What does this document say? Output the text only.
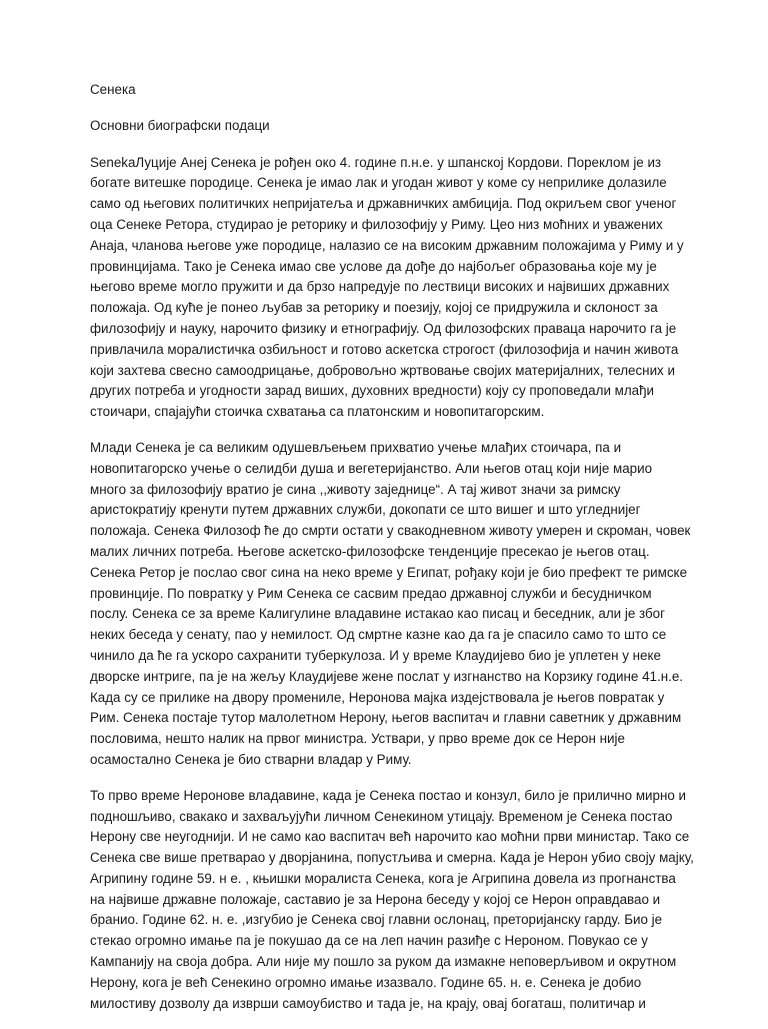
Сенека
Основни биографски подаци
SenekaЛуције Анеј Сенека је рођен око 4. године п.н.е. у шпанској Кордови. Пореклом је из
богате витешке породице. Сенека је имао лак и угодан живот у коме су неприлике долазиле
само од његових политичких непријатеља и државничких амбиција. Под окриљем свог ученог
оца Сенеке Ретора, студирао је реторику и филозофију у Риму. Цео низ моћних и уважених
Анаја, чланова његове уже породице, налазио се на високим државним положајима у Риму и у
провинцијама. Тако је Сенека имао све услове да дође до најбољег образовања које му је
његово време могло пружити и да брзо напредује по лествици високих и највиших државних
положаја. Од куће је понео љубав за реторику и поезију, којој се придружила и склоност за
филозофију и науку, нарочито физику и етнографију. Од филозофских праваца нарочито га је
привлачила моралистичка озбиљност и готово аскетска строгост (филозофија и начин живота
који захтева свесно самоодрицање, добровољно жртвовање својих материјалних, телесних и
других потреба и угодности зарад виших, духовних вредности) коју су проповедали млађи
стоичари, спајајући стоичка схватања са платонским и новопитагорским.
Млади Сенека је са великим одушевљењем прихватио учење млађих стоичара, па и
новопитагорско учење о селидби душа и вегетеријанство. Али његов отац који није марио
много за филозофију вратио је сина ,,животу заједнице“. А тај живот значи за римску
аристократију кренути путем државних служби, докопати се што вишег и што угледнијег
положаја. Сенека Филозоф ће до смрти остати у свакодневном животу умерен и скроман, човек
малих личних потреба. Његове аскетско-филозофске тенденције пресекао је његов отац.
Сенека Ретор је послао свог сина на неко време у Египат, рођаку који је био префект те римске
провинције. По повратку у Рим Сенека се сасвим предао државној служби и бесудничком
послу. Сенека се за време Калигулине владавине истакао као писац и беседник, али је због
неких беседа у сенату, пао у немилост. Од смртне казне као да га је спасило само то што се
чинило да ће га ускоро сахранити туберкулоза. И у време Клаудијево био је уплетен у неке
дворске интриге, па је на жељу Клаудијеве жене послат у изгнанство на Корзику године 41.н.е.
Када су се прилике на двору промениле, Неронова мајка издејствовала је његов повратак у
Рим. Сенека постаје тутор малолетном Нерону, његов васпитач и главни саветник у државним
пословима, нешто налик на првог министра. Уствари, у прво време док се Нерон није
осамостално Сенека је био стварни владар у Риму.
То прво време Неронове владавине, када је Сенека постао и конзул, било је прилично мирно и
подношљиво, свакако и захваљујући личном Сенекином утицају. Временом је Сенека постао
Нерону све неугоднији. И не само као васпитач већ нарочито као моћни први министар. Тако се
Сенека све више претварао у дворјанина, попустљива и смерна. Када је Нерон убио своју мајку,
Агрипину године 59. н е. , књишки моралиста Сенека, кога је Агрипина довела из прогнанства
на највише државне положаје, саставио је за Нерона беседу у којој се Нерон оправдавао и
бранио. Године 62. н. е. ,изгубио је Сенека свој главни ослонац, преторијанску гарду. Био је
стекао огромно имање па је покушао да се на леп начин разиђе с Нероном. Повукао се у
Кампанију на своја добра. Али није му пошло за руком да измакне неповерљивом и окрутном
Нерону, кога је већ Сенекино огромно имање изазвало. Године 65. н. е. Сенека је добио
милостиву дозволу да изврши самоубиство и тада је, на крају, овај богаташ, политичар и
